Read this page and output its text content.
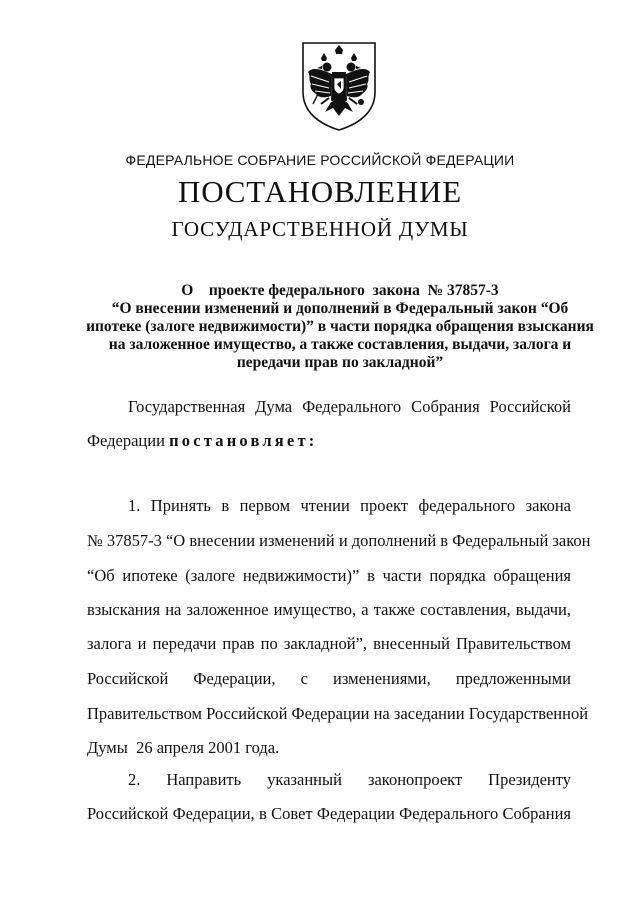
ФЕДЕРАЛЬНОЕ СОБРАНИЕ РОССИЙСКОЙ ФЕДЕРАЦИИ
ПОСТАНОВЛЕНИЕ
ГОСУДАРСТВЕННОЙ ДУМЫ
О    проекте федерального  закона  № 37857-3
“О внесении изменений и дополнений в Федеральный закон “Об
ипотеке (залоге недвижимости)” в части порядка обращения взыскания
на заложенное имущество, а также составления, выдачи, залога и
передачи прав по закладной”
Государственная Дума Федерального Собрания Российской
Федерации постановляет:
1. Принять в первом чтении проект федерального закона
№ 37857-3 “О внесении изменений и дополнений в Федеральный закон
“Об ипотеке (залоге недвижимости)” в части порядка обращения
взыскания на заложенное имущество, а также составления, выдачи,
залога и передачи прав по закладной”, внесенный Правительством
Российской Федерации, с изменениями, предложенными
Правительством Российской Федерации на заседании Государственной
Думы  26 апреля 2001 года.
2. Направить указанный законопроект Президенту
Российской Федерации, в Совет Федерации Федерального Собрания
